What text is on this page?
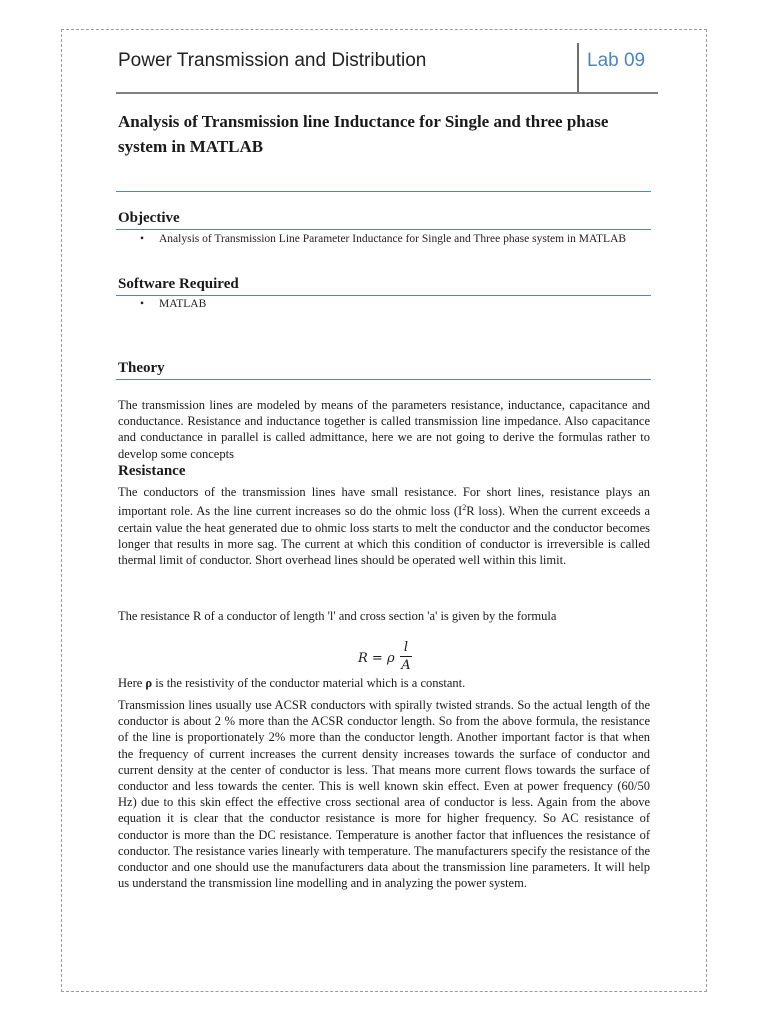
Power Transmission and Distribution	Lab 09
Analysis of Transmission line Inductance for Single and three phase system in MATLAB
Objective
• Analysis of Transmission Line Parameter Inductance for Single and Three phase system in MATLAB
Software Required
• MATLAB
Theory

The transmission lines are modeled by means of the parameters resistance, inductance, capacitance and conductance. Resistance and inductance together is called transmission line impedance. Also capacitance and conductance in parallel is called admittance, here we are not going to derive the formulas rather to develop some concepts

Resistance

The conductors of the transmission lines have small resistance. For short lines, resistance plays an important role. As the line current increases so do the ohmic loss ($I^2R$ loss). When the current exceeds a certain value the heat generated due to ohmic loss starts to melt the conductor and the conductor becomes longer that results in more sag. The current at which this condition of conductor is irreversible is called thermal limit of conductor. Short overhead lines should be operated well within this limit.

The resistance R of a conductor of length 'l' and cross section 'a' is given by the formula

R = ρ
l
A

Here ρ is the resistivity of the conductor material which is a constant.

Transmission lines usually use ACSR conductors with spirally twisted strands. So the actual length of the conductor is about 2 % more than the ACSR conductor length. So from the above formula, the resistance of the line is proportionately 2% more than the conductor length. Another important factor is that when the frequency of current increases the current density increases towards the surface of conductor and current density at the center of conductor is less. That means more current flows towards the surface of conductor and less towards the center. This is well known skin effect. Even at power frequency (60/50 Hz) due to this skin effect the effective cross sectional area of conductor is less. Again from the above equation it is clear that the conductor resistance is more for higher frequency. So AC resistance of conductor is more than the DC resistance. Temperature is another factor that influences the resistance of conductor. The resistance varies linearly with temperature. The manufacturers specify the resistance of the conductor and one should use the manufacturers data about the transmission line parameters. It will help us understand the transmission line modelling and in analyzing the power system.
